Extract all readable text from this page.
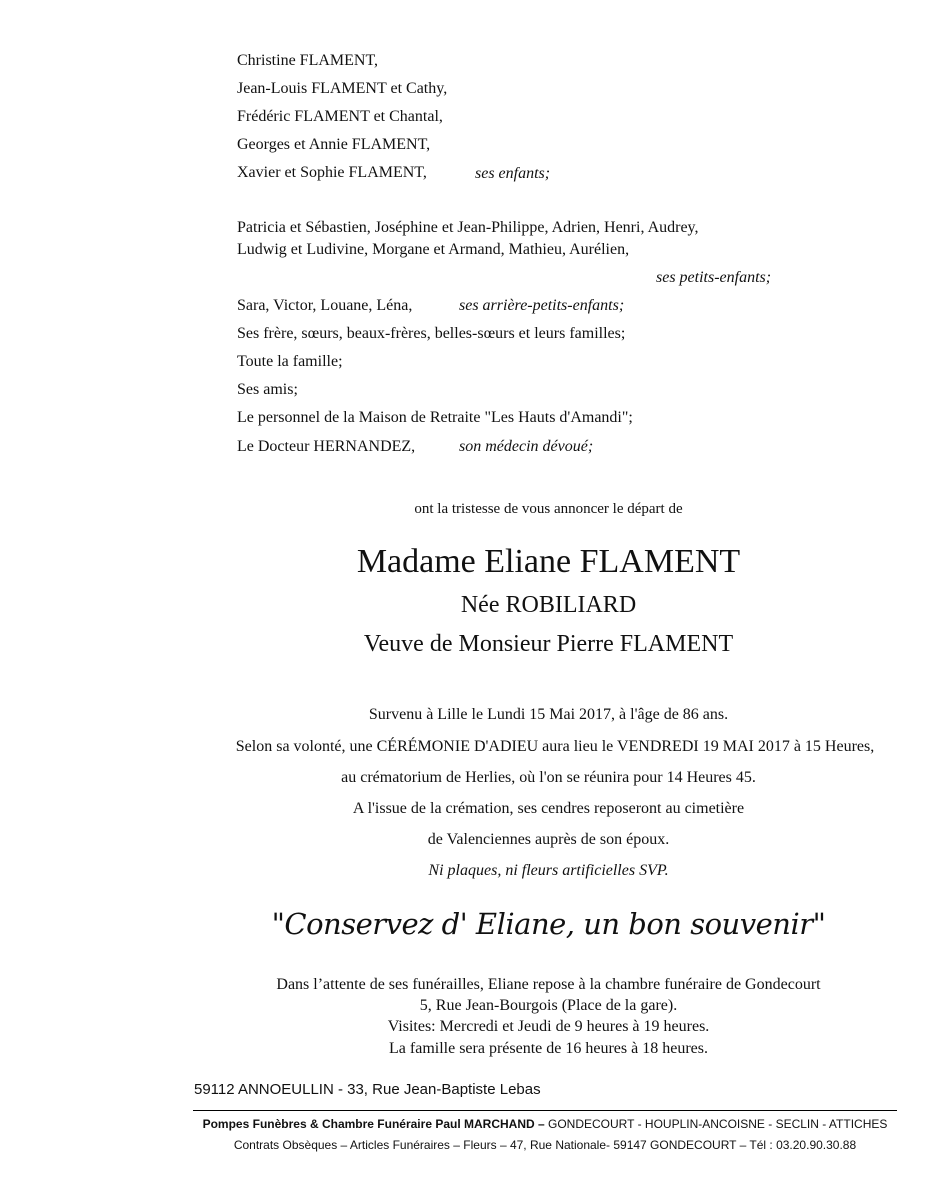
Christine FLAMENT,
Jean-Louis FLAMENT et Cathy,
Frédéric FLAMENT et Chantal,
Georges et Annie FLAMENT,
Xavier et Sophie FLAMENT,	ses enfants;
Patricia et Sébastien, Joséphine et Jean-Philippe, Adrien, Henri, Audrey,
Ludwig et Ludivine, Morgane et Armand, Mathieu, Aurélien,
ses petits-enfants;
Sara, Victor, Louane, Léna,	ses arrière-petits-enfants;
Ses frère, sœurs, beaux-frères, belles-sœurs et leurs familles;
Toute la famille;
Ses amis;
Le personnel de la Maison de Retraite "Les Hauts d'Amandi";
Le Docteur HERNANDEZ,	son médecin dévoué;
ont la tristesse de vous annoncer le départ de
Madame Eliane FLAMENT
Née ROBILIARD
Veuve de Monsieur Pierre FLAMENT
Survenu à Lille le Lundi 15 Mai 2017, à l'âge de 86 ans.
Selon sa volonté, une CÉRÉMONIE D'ADIEU aura lieu le VENDREDI 19 MAI 2017 à 15 Heures,
au crématorium de Herlies, où l'on se réunira pour 14 Heures 45.
A l'issue de la crémation, ses cendres reposeront au cimetière
de Valenciennes auprès de son époux.
Ni plaques, ni fleurs artificielles SVP.
"Conservez d' Eliane, un bon souvenir"
Dans l’attente de ses funérailles, Eliane repose à la chambre funéraire de Gondecourt
5, Rue Jean-Bourgois (Place de la gare).
Visites: Mercredi et Jeudi de 9 heures à 19 heures.
La famille sera présente de 16 heures à 18 heures.
59112 ANNOEULLIN - 33, Rue Jean-Baptiste Lebas
Pompes Funèbres & Chambre Funéraire Paul MARCHAND – GONDECOURT - HOUPLIN-ANCOISNE - SECLIN - ATTICHES
Contrats Obsèques – Articles Funéraires – Fleurs – 47, Rue Nationale- 59147 GONDECOURT – Tél : 03.20.90.30.88
